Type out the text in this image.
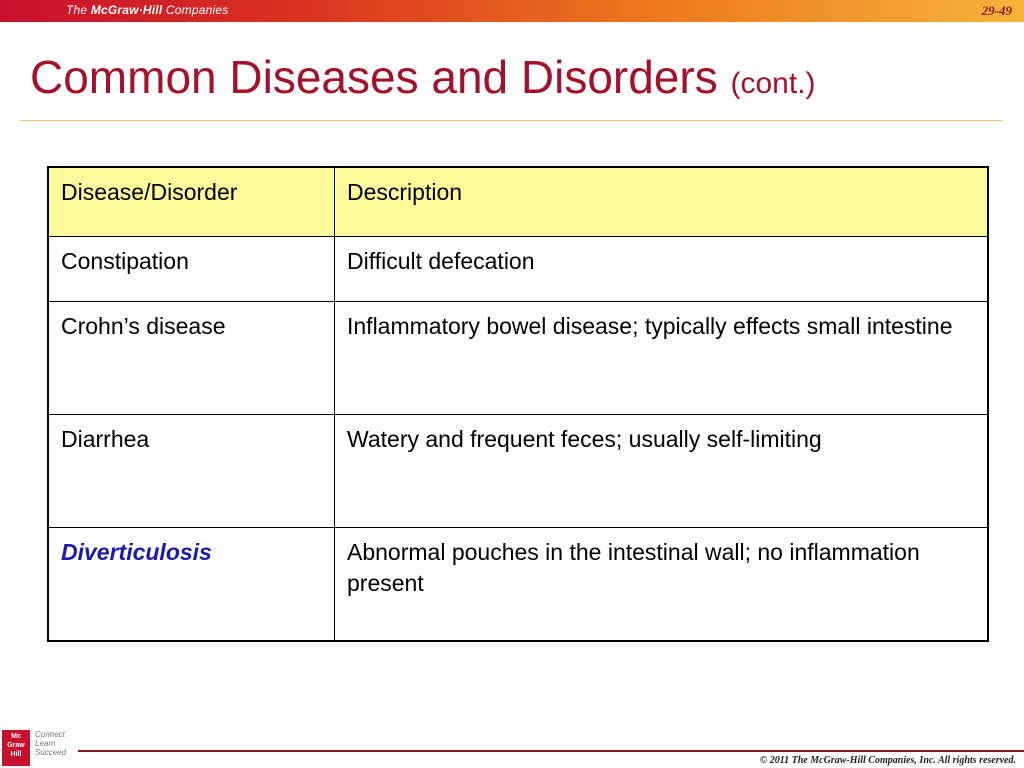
The McGraw·Hill Companies	29-49
Common Diseases and Disorders (cont.)
Disease/Disorder	Description
Constipation	Difficult defecation
Crohn’s disease	Inflammatory bowel disease; typically effects small intestine
Diarrhea	Watery and frequent feces; usually self-limiting
Diverticulosis	Abnormal pouches in the intestinal wall; no inflammation present
Mc
Graw
Hill
Connect
Learn
Succeed
© 2011 The McGraw-Hill Companies, Inc. All rights reserved.
